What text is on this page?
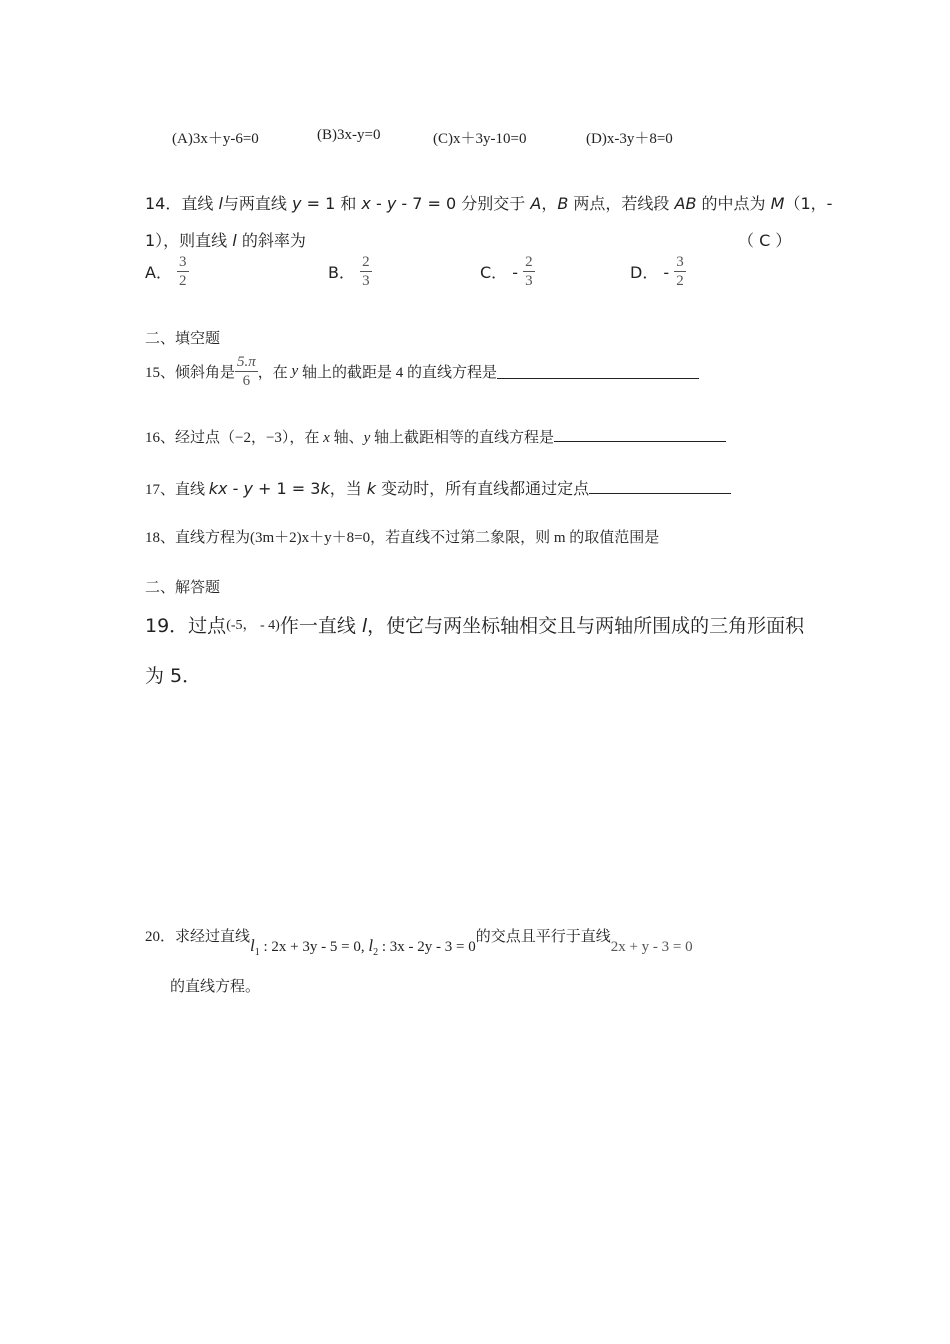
(A)3x＋y-6=0	(B)3x-y=0	(C)x＋3y-10=0	(D)x-3y＋8=0
14．直线 l与两直线 y = 1 和 x - y - 7 = 0 分别交于 A，B 两点，若线段 AB 的中点为 M（1，-
1），则直线 l 的斜率为	（ C ）
A． $\frac{3}{2}$	B． $\frac{2}{3}$	C． - $\frac{2}{3}$	D． - $\frac{3}{2}$
二、填空题
15、倾斜角是 $\frac{5.\pi}{6}$ ，在 y 轴上的截距是 4 的直线方程是
16、经过点（−2，−3），在 x 轴、y 轴上截距相等的直线方程是
17、直线 kx - y + 1 = 3k，当 k 变动时，所有直线都通过定点
18、直线方程为(3m＋2)x＋y＋8=0，若直线不过第二象限，则 m 的取值范围是
二、解答题
19．过点(-5， - 4)作一直线 l，使它与两坐标轴相交且与两轴所围成的三角形面积
为 5．
20．求经过直线$l_1$ : 2x + 3y - 5 = 0, $l_2$ : 3x - 2y - 3 = 0的交点且平行于直线2x + y - 3 = 0
的直线方程。
